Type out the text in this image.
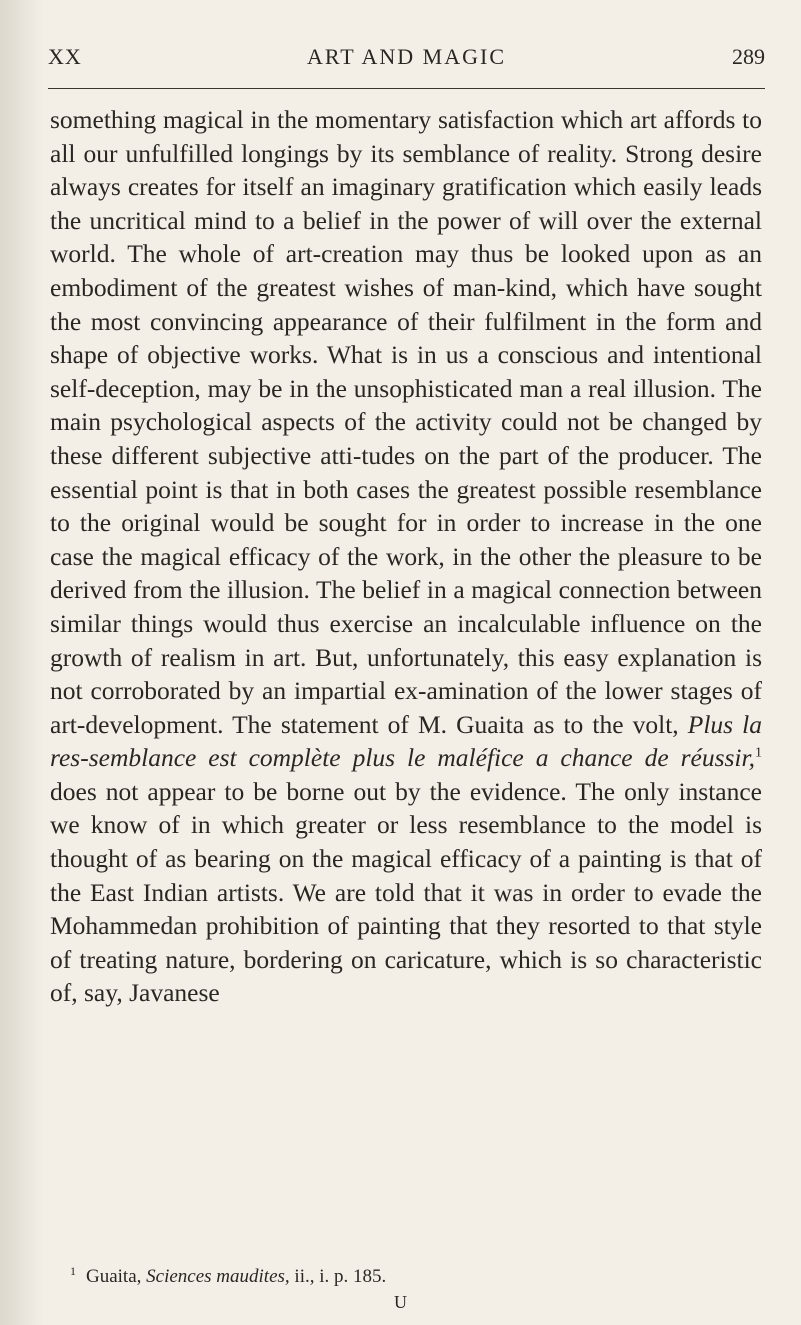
XX	ART AND MAGIC	289

something magical in the momentary satisfaction which art affords to all our unfulfilled longings by its semblance of reality. Strong desire always creates for itself an imaginary gratification which easily leads the uncritical mind to a belief in the power of will over the external world. The whole of art-creation may thus be looked upon as an embodiment of the greatest wishes of man-kind, which have sought the most convincing appearance of their fulfilment in the form and shape of objective works. What is in us a conscious and intentional self-deception, may be in the unsophisticated man a real illusion. The main psychological aspects of the activity could not be changed by these different subjective atti-tudes on the part of the producer. The essential point is that in both cases the greatest possible resemblance to the original would be sought for in order to increase in the one case the magical efficacy of the work, in the other the pleasure to be derived from the illusion. The belief in a magical connection between similar things would thus exercise an incalculable influence on the growth of realism in art. But, unfortunately, this easy explanation is not corroborated by an impartial ex-amination of the lower stages of art-development. The statement of M. Guaita as to the volt, Plus la res-semblance est complète plus le maléfice a chance de réussir,$^1$ does not appear to be borne out by the evidence. The only instance we know of in which greater or less resemblance to the model is thought of as bearing on the magical efficacy of a painting is that of the East Indian artists. We are told that it was in order to evade the Mohammedan prohibition of painting that they resorted to that style of treating nature, bordering on caricature, which is so characteristic of, say, Javanese

$^1$ Guaita, Sciences maudites, ii., i. p. 185.

U
